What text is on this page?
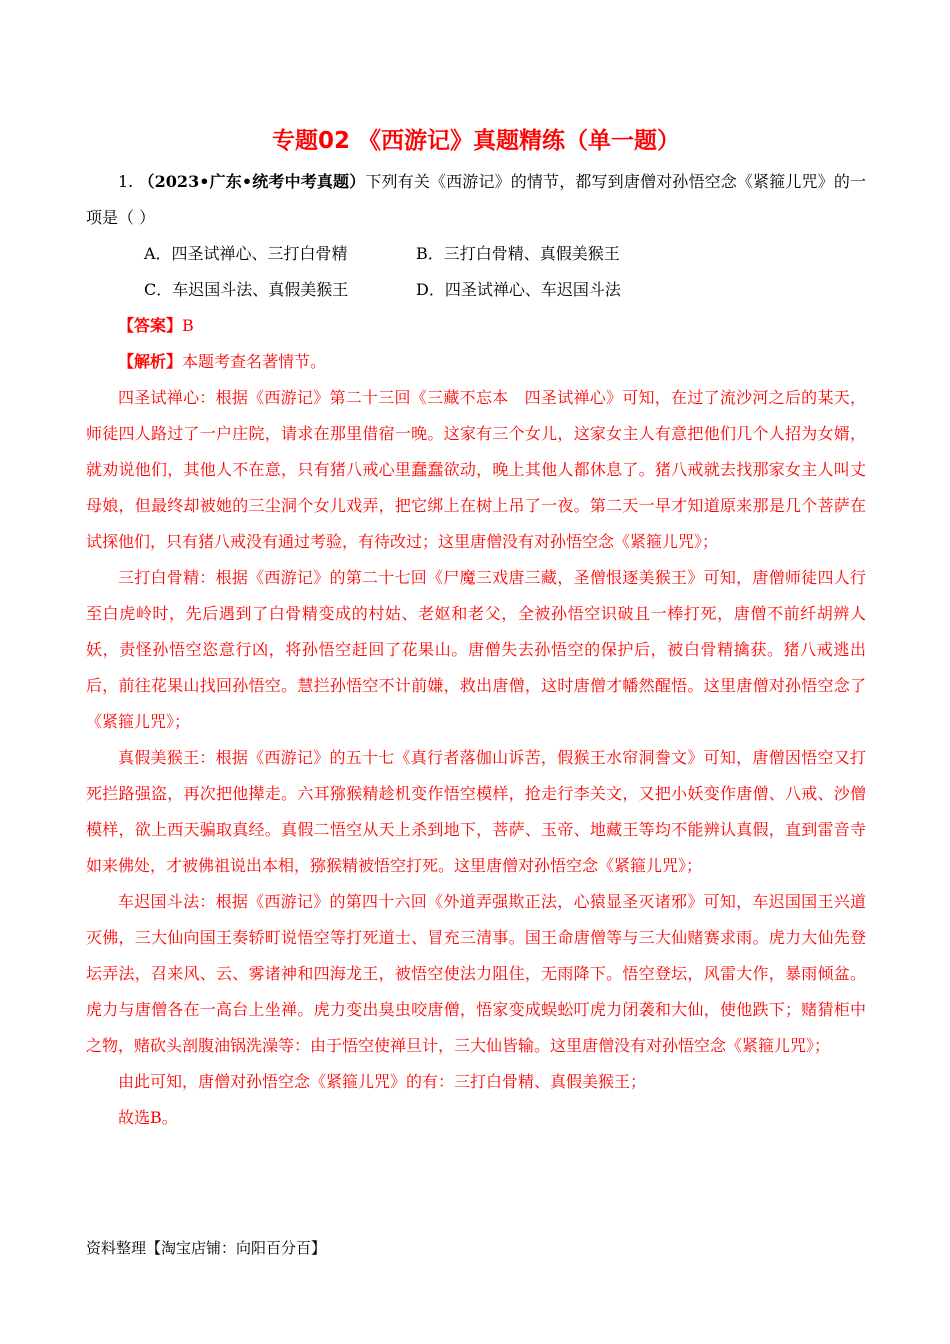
专题02 《西游记》真题精练（单一题）

1. （2023•广东•统考中考真题）下列有关《西游记》的情节，都写到唐僧对孙悟空念《紧箍儿咒》的一项是（ ）

A．四圣试禅心、三打白骨精	B．三打白骨精、真假美猴王
C．车迟国斗法、真假美猴王	D．四圣试禅心、车迟国斗法

【答案】B

【解析】本题考查名著情节。

四圣试禅心：根据《西游记》第二十三回《三藏不忘本　四圣试禅心》可知，在过了流沙河之后的某天，师徒四人路过了一户庄院，请求在那里借宿一晚。这家有三个女儿，这家女主人有意把他们几个人招为女婿，就劝说他们，其他人不在意，只有猪八戒心里蠢蠢欲动，晚上其他人都休息了。猪八戒就去找那家女主人叫丈母娘，但最终却被她的三尘洞个女儿戏弄，把它绑上在树上吊了一夜。第二天一早才知道原来那是几个菩萨在试探他们，只有猪八戒没有通过考验，有待改过；这里唐僧没有对孙悟空念《紧箍儿咒》；

三打白骨精：根据《西游记》的第二十七回《尸魔三戏唐三藏，圣僧恨逐美猴王》可知，唐僧师徒四人行至白虎岭时，先后遇到了白骨精变成的村姑、老妪和老父，全被孙悟空识破且一棒打死，唐僧不前纤胡辨人妖，责怪孙悟空恣意行凶，将孙悟空赶回了花果山。唐僧失去孙悟空的保护后，被白骨精擒获。猪八戒逃出后，前往花果山找回孙悟空。慧拦孙悟空不计前嫌，救出唐僧，这时唐僧才幡然醒悟。这里唐僧对孙悟空念了《紧箍儿咒》；

真假美猴王：根据《西游记》的五十七《真行者落伽山诉苦，假猴王水帘洞誊文》可知，唐僧因悟空又打死拦路强盗，再次把他撵走。六耳猕猴精趁机变作悟空模样，抢走行李关文，又把小妖变作唐僧、八戒、沙僧模样，欲上西天骗取真经。真假二悟空从天上杀到地下，菩萨、玉帝、地藏王等均不能辨认真假，直到雷音寺如来佛处，才被佛祖说出本相，猕猴精被悟空打死。这里唐僧对孙悟空念《紧箍儿咒》；

车迟国斗法：根据《西游记》的第四十六回《外道弄强欺正法，心猿显圣灭诸邪》可知，车迟国国王兴道灭佛，三大仙向国王奏轿町说悟空等打死道士、冒充三清事。国王命唐僧等与三大仙赌赛求雨。虎力大仙先登坛弄法，召来风、云、雾诸神和四海龙王，被悟空使法力阻住，无雨降下。悟空登坛，风雷大作，暴雨倾盆。虎力与唐僧各在一高台上坐禅。虎力变出臭虫咬唐僧，悟家变成蜈蚣叮虎力闭袭和大仙，使他跌下；赌猜柜中之物，赌砍头剖腹油锅洗澡等：由于悟空使禅旦计，三大仙皆输。这里唐僧没有对孙悟空念《紧箍儿咒》；

由此可知，唐僧对孙悟空念《紧箍儿咒》的有：三打白骨精、真假美猴王；

故选B。

资料整理【淘宝店铺：向阳百分百】
